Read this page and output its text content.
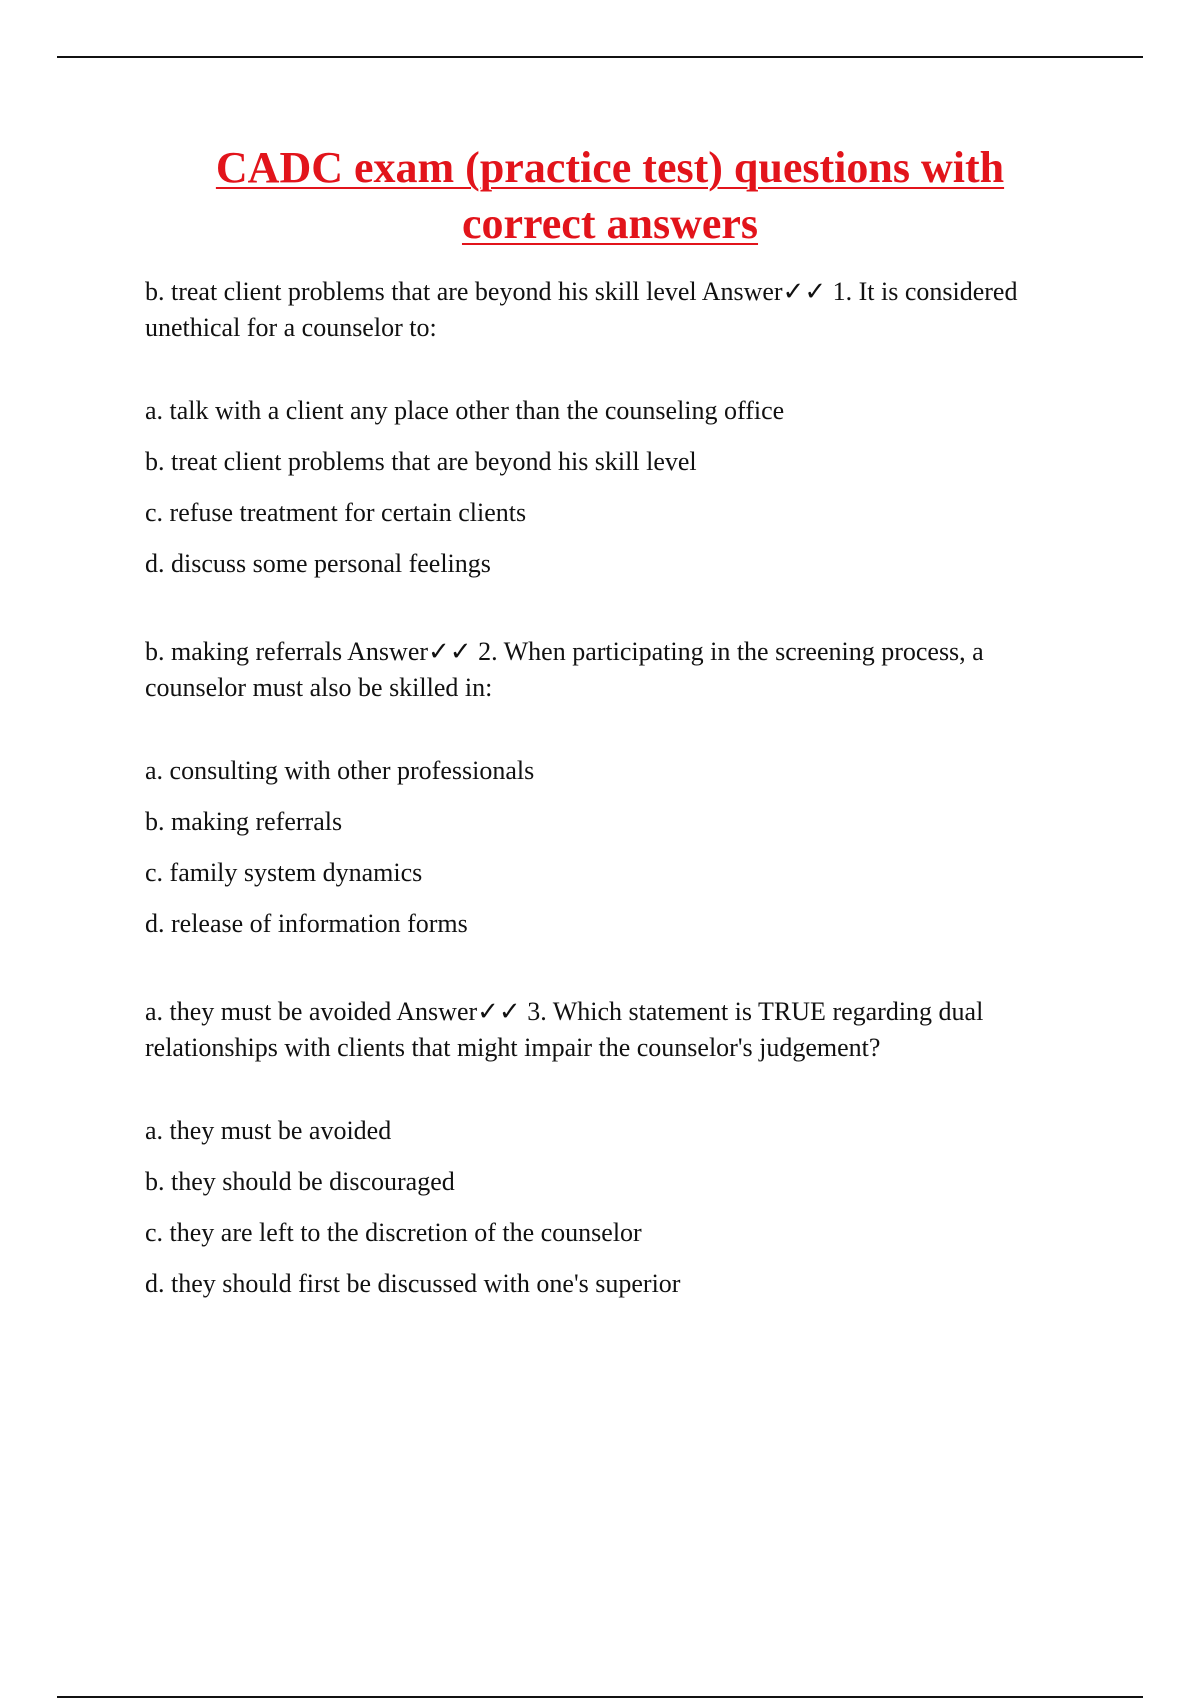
CADC exam (practice test) questions with correct answers

b. treat client problems that are beyond his skill level Answer✓✓ 1. It is considered unethical for a counselor to:

a. talk with a client any place other than the counseling office
b. treat client problems that are beyond his skill level
c. refuse treatment for certain clients
d. discuss some personal feelings

b. making referrals Answer✓✓ 2. When participating in the screening process, a counselor must also be skilled in:

a. consulting with other professionals
b. making referrals
c. family system dynamics
d. release of information forms

a. they must be avoided Answer✓✓ 3. Which statement is TRUE regarding dual relationships with clients that might impair the counselor's judgement?

a. they must be avoided
b. they should be discouraged
c. they are left to the discretion of the counselor
d. they should first be discussed with one's superior
